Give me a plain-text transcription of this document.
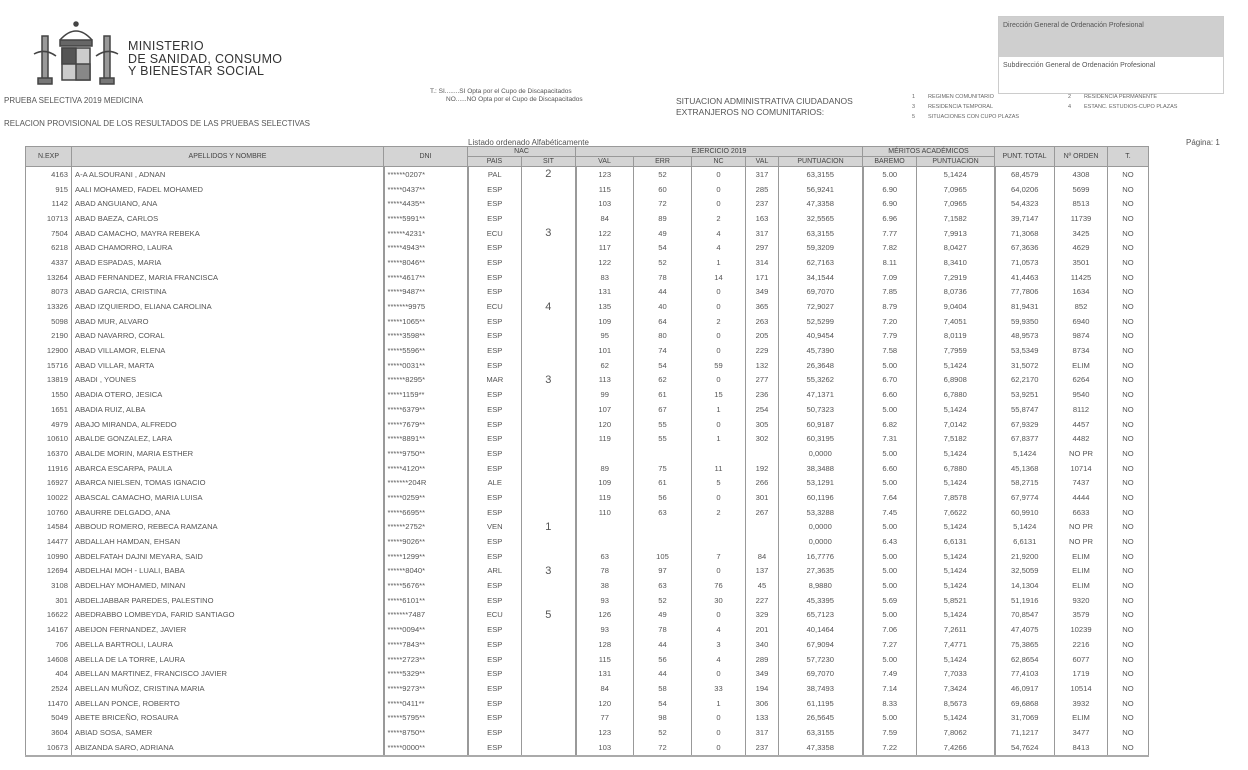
MINISTERIO
DE SANIDAD, CONSUMO
Y BIENESTAR SOCIAL
PRUEBA SELECTIVA 2019 MEDICINA
RELACION PROVISIONAL DE LOS RESULTADOS DE LAS PRUEBAS SELECTIVAS
T.: SI........SI Opta por el Cupo de Discapacitados
NO......NO Opta por el Cupo de Discapacitados	SITUACION ADMINISTRATIVA CIUDADANOS EXTRANJEROS NO COMUNITARIOS:
1	REGIMEN COMUNITARIO	2	RESIDENCIA PERMANENTE
3	RESIDENCIA TEMPORAL	4	ESTANC. ESTUDIOS-CUPO PLAZAS
5	SITUACIONES CON CUPO PLAZAS
Dirección General de Ordenación Profesional
Subdirección General de Ordenación Profesional
Listado ordenado Alfabéticamente	Página: 1
N.EXP	APELLIDOS Y NOMBRE	DNI	NAC		EJERCICIO 2019					MÉRITOS ACADÉMICOS		PUNT. TOTAL	Nº ORDEN	T.
			PAIS	SIT	VAL	ERR	NC	VAL	PUNTUACION	BAREMO	PUNTUACION			
4163	A-A ALSOURANI , ADNAN	******0207*	PAL	2	123	52	0	317	63,3155	5.00	5,1424	68,4579	4308	NO
915	AALI MOHAMED, FADEL MOHAMED	*****0437**	ESP		115	60	0	285	56,9241	6.90	7,0965	64,0206	5699	NO
1142	ABAD ANGUIANO, ANA	*****4435**	ESP		103	72	0	237	47,3358	6.90	7,0965	54,4323	8513	NO
10713	ABAD BAEZA, CARLOS	*****5991**	ESP		84	89	2	163	32,5565	6.96	7,1582	39,7147	11739	NO
7504	ABAD CAMACHO, MAYRA REBEKA	******4231*	ECU	3	122	49	4	317	63,3155	7.77	7,9913	71,3068	3425	NO
6218	ABAD CHAMORRO, LAURA	*****4943**	ESP		117	54	4	297	59,3209	7.82	8,0427	67,3636	4629	NO
4337	ABAD ESPADAS, MARIA	*****8046**	ESP		122	52	1	314	62,7163	8.11	8,3410	71,0573	3501	NO
13264	ABAD FERNANDEZ, MARIA FRANCISCA	*****4617**	ESP		83	78	14	171	34,1544	7.09	7,2919	41,4463	11425	NO
8073	ABAD GARCIA, CRISTINA	*****9487**	ESP		131	44	0	349	69,7070	7.85	8,0736	77,7806	1634	NO
13326	ABAD IZQUIERDO, ELIANA CAROLINA	*******9975	ECU	4	135	40	0	365	72,9027	8.79	9,0404	81,9431	852	NO
5098	ABAD MUR, ALVARO	*****1065**	ESP		109	64	2	263	52,5299	7.20	7,4051	59,9350	6940	NO
2190	ABAD NAVARRO, CORAL	*****3598**	ESP		95	80	0	205	40,9454	7.79	8,0119	48,9573	9874	NO
12900	ABAD VILLAMOR, ELENA	*****5596**	ESP		101	74	0	229	45,7390	7.58	7,7959	53,5349	8734	NO
15716	ABAD VILLAR, MARTA	*****0031**	ESP		62	54	59	132	26,3648	5.00	5,1424	31,5072	ELIM	NO
13819	ABADI , YOUNES	******8295*	MAR	3	113	62	0	277	55,3262	6.70	6,8908	62,2170	6264	NO
1550	ABADIA OTERO, JESICA	*****1159**	ESP		99	61	15	236	47,1371	6.60	6,7880	53,9251	9540	NO
1651	ABADIA RUIZ, ALBA	*****6379**	ESP		107	67	1	254	50,7323	5.00	5,1424	55,8747	8112	NO
4979	ABAJO MIRANDA, ALFREDO	*****7679**	ESP		120	55	0	305	60,9187	6.82	7,0142	67,9329	4457	NO
10610	ABALDE GONZALEZ, LARA	*****8891**	ESP		119	55	1	302	60,3195	7.31	7,5182	67,8377	4482	NO
16370	ABALDE MORIN, MARIA ESTHER	*****9750**	ESP						0,0000	5.00	5,1424	5,1424	NO PR	NO
11916	ABARCA ESCARPA, PAULA	*****4120**	ESP		89	75	11	192	38,3488	6.60	6,7880	45,1368	10714	NO
16927	ABARCA NIELSEN, TOMAS IGNACIO	*******204R	ALE		109	61	5	266	53,1291	5.00	5,1424	58,2715	7437	NO
10022	ABASCAL CAMACHO, MARIA LUISA	*****0259**	ESP		119	56	0	301	60,1196	7.64	7,8578	67,9774	4444	NO
10760	ABAURRE DELGADO, ANA	*****6695**	ESP		110	63	2	267	53,3288	7.45	7,6622	60,9910	6633	NO
14584	ABBOUD ROMERO, REBECA RAMZANA	******2752*	VEN	1					0,0000	5.00	5,1424	5,1424	NO PR	NO
14477	ABDALLAH HAMDAN, EHSAN	*****9026**	ESP						0,0000	6.43	6,6131	6,6131	NO PR	NO
10990	ABDELFATAH DAJNI MEYARA, SAID	*****1299**	ESP		63	105	7	84	16,7776	5.00	5,1424	21,9200	ELIM	NO
12694	ABDELHAI MOH - LUALI, BABA	******8040*	ARL	3	78	97	0	137	27,3635	5.00	5,1424	32,5059	ELIM	NO
3108	ABDELHAY MOHAMED, MINAN	*****5676**	ESP		38	63	76	45	8,9880	5.00	5,1424	14,1304	ELIM	NO
301	ABDELJABBAR PAREDES, PALESTINO	*****6101**	ESP		93	52	30	227	45,3395	5.69	5,8521	51,1916	9320	NO
16622	ABEDRABBO LOMBEYDA, FARID SANTIAGO	*******7487	ECU	5	126	49	0	329	65,7123	5.00	5,1424	70,8547	3579	NO
14167	ABEIJON FERNANDEZ, JAVIER	*****0094**	ESP		93	78	4	201	40,1464	7.06	7,2611	47,4075	10239	NO
706	ABELLA BARTROLI, LAURA	*****7843**	ESP		128	44	3	340	67,9094	7.27	7,4771	75,3865	2216	NO
14608	ABELLA DE LA TORRE, LAURA	*****2723**	ESP		115	56	4	289	57,7230	5.00	5,1424	62,8654	6077	NO
404	ABELLAN MARTINEZ, FRANCISCO JAVIER	*****5329**	ESP		131	44	0	349	69,7070	7.49	7,7033	77,4103	1719	NO
2524	ABELLAN MUÑOZ, CRISTINA MARIA	*****9273**	ESP		84	58	33	194	38,7493	7.14	7,3424	46,0917	10514	NO
11470	ABELLAN PONCE, ROBERTO	*****0411**	ESP		120	54	1	306	61,1195	8.33	8,5673	69,6868	3932	NO
5049	ABETE BRICEÑO, ROSAURA	*****5795**	ESP		77	98	0	133	26,5645	5.00	5,1424	31,7069	ELIM	NO
3604	ABIAD SOSA, SAMER	*****8750**	ESP		123	52	0	317	63,3155	7.59	7,8062	71,1217	3477	NO
10673	ABIZANDA SARO, ADRIANA	*****0000**	ESP		103	72	0	237	47,3358	7.22	7,4266	54,7624	8413	NO
